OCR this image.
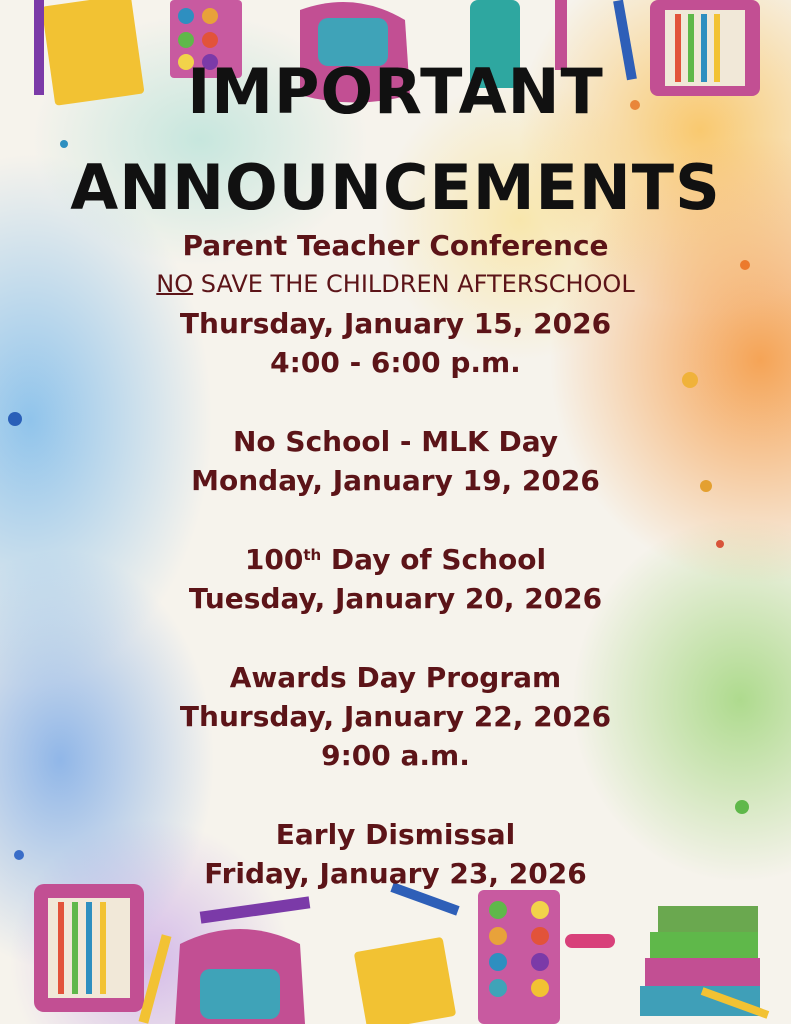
IMPORTANT
ANNOUNCEMENTS
Parent Teacher Conference
NO SAVE THE CHILDREN AFTERSCHOOL
Thursday, January 15, 2026
4:00 - 6:00 p.m.
No School - MLK Day
Monday, January 19, 2026
100th Day of School
Tuesday, January 20, 2026
Awards Day Program
Thursday, January 22, 2026
9:00 a.m.
Early Dismissal
Friday, January 23, 2026
